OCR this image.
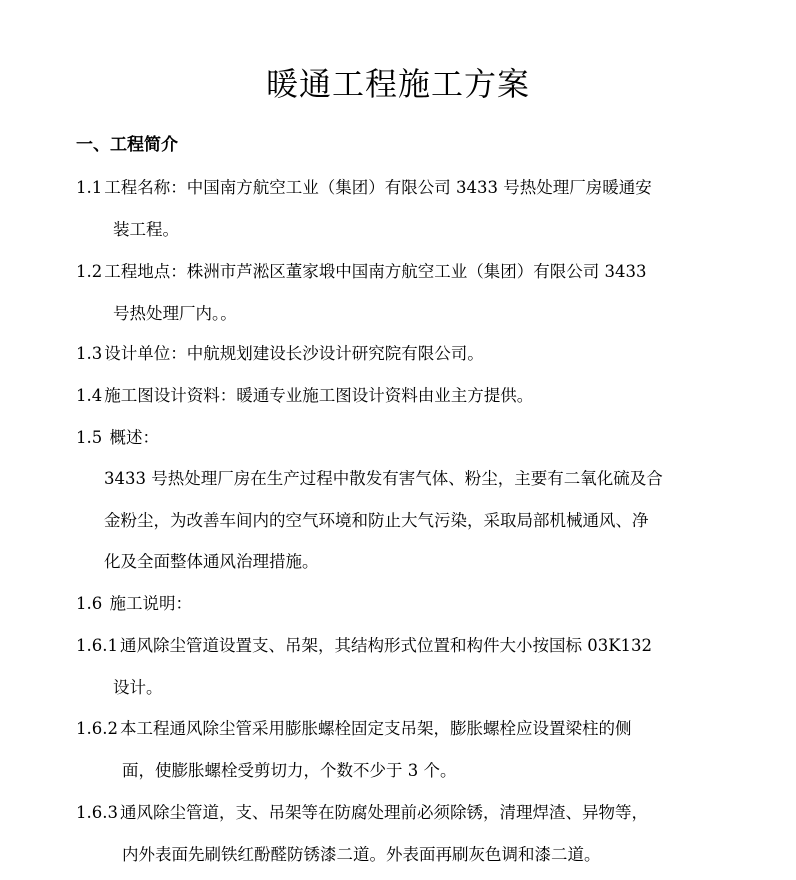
暖通工程施工方案
一、工程简介
1.1 工程名称：中国南方航空工业（集团）有限公司 3433 号热处理厂房暖通安
装工程。
1.2 工程地点：株洲市芦淞区董家塅中国南方航空工业（集团）有限公司 3433
号热处理厂内。。
1.3 设计单位：中航规划建设长沙设计研究院有限公司。
1.4 施工图设计资料：暖通专业施工图设计资料由业主方提供。
1.5 概述：
3433 号热处理厂房在生产过程中散发有害气体、粉尘，主要有二氧化硫及合
金粉尘，为改善车间内的空气环境和防止大气污染，采取局部机械通风、净
化及全面整体通风治理措施。
1.6 施工说明：
1.6.1 通风除尘管道设置支、吊架，其结构形式位置和构件大小按国标 03K132
设计。
1.6.2 本工程通风除尘管采用膨胀螺栓固定支吊架，膨胀螺栓应设置梁柱的侧
面，使膨胀螺栓受剪切力，个数不少于 3 个。
1.6.3 通风除尘管道，支、吊架等在防腐处理前必须除锈，清理焊渣、异物等，
内外表面先刷铁红酚醛防锈漆二道。外表面再刷灰色调和漆二道。
